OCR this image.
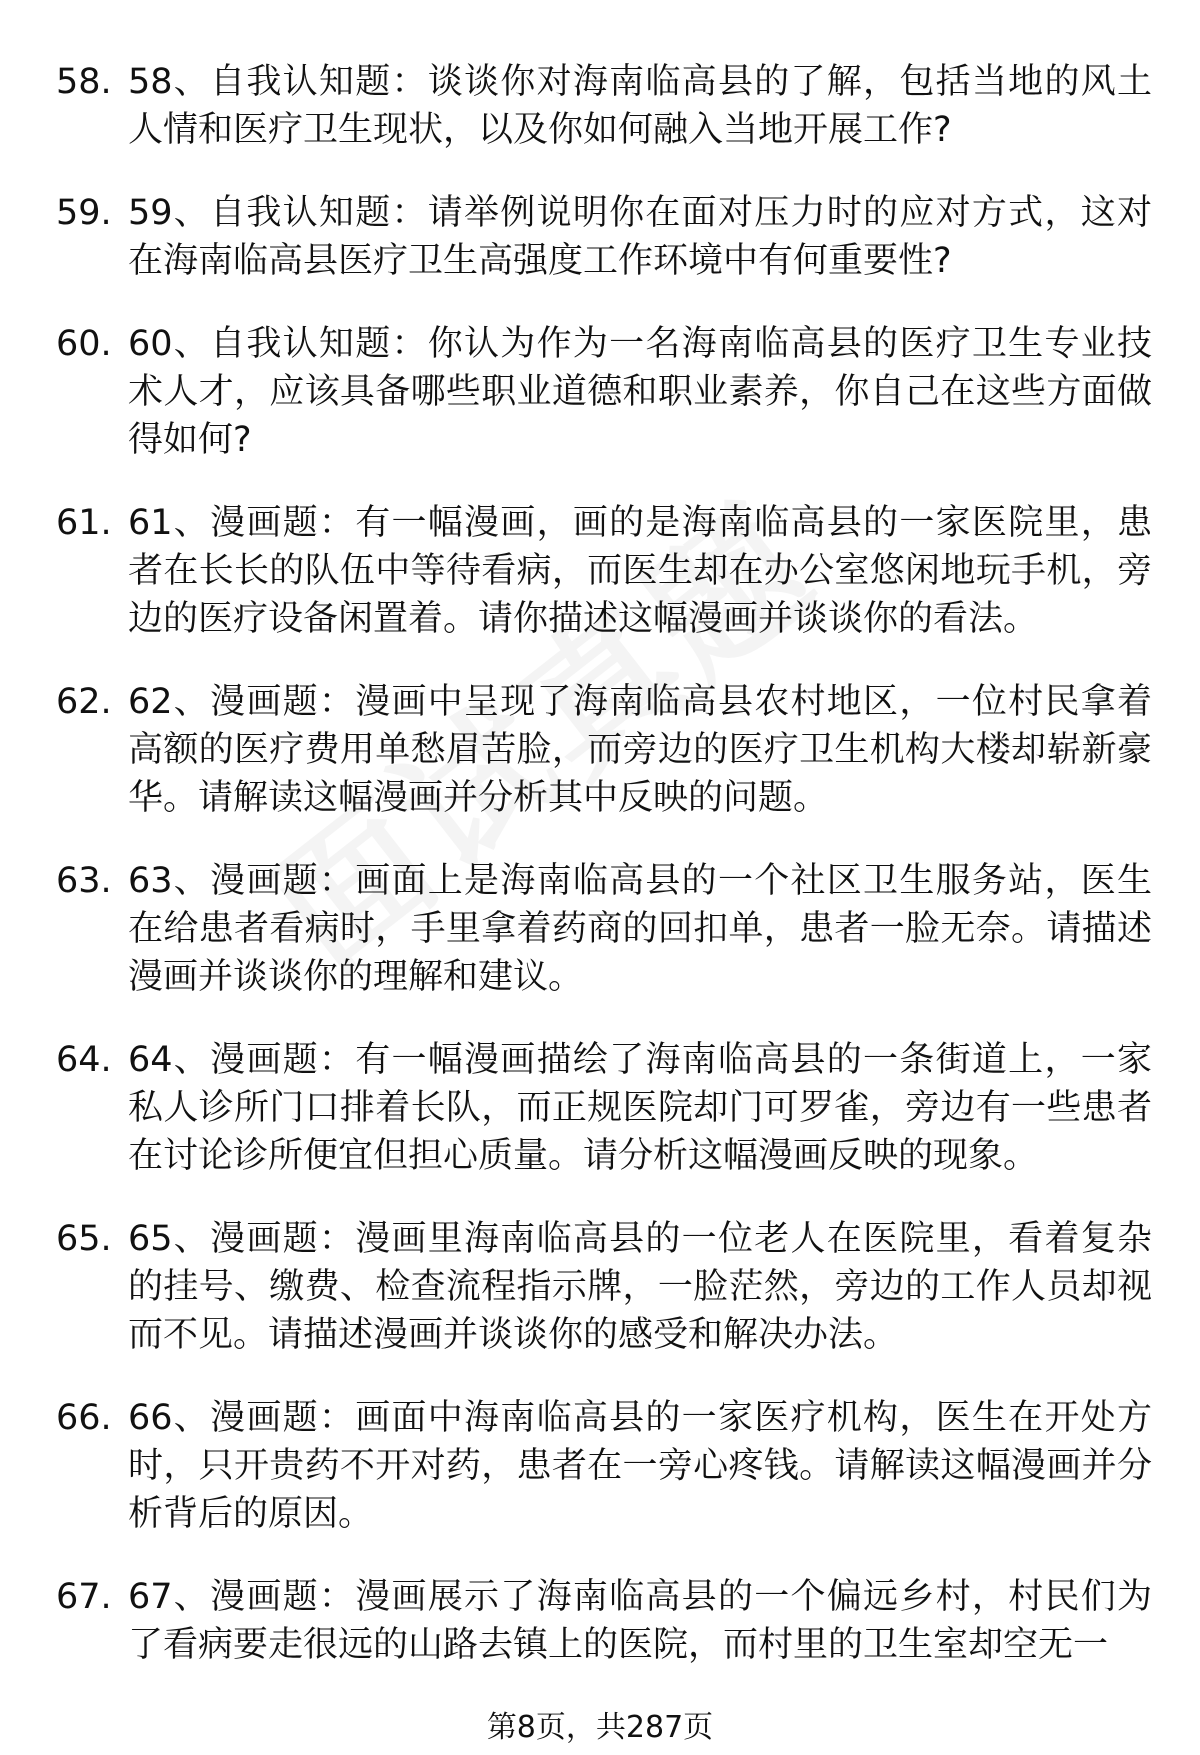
58. 58、自我认知题：谈谈你对海南临高县的了解，包括当地的风土人情和医疗卫生现状，以及你如何融入当地开展工作?
59. 59、自我认知题：请举例说明你在面对压力时的应对方式，这对在海南临高县医疗卫生高强度工作环境中有何重要性?
60. 60、自我认知题：你认为作为一名海南临高县的医疗卫生专业技术人才，应该具备哪些职业道德和职业素养，你自己在这些方面做得如何?
61. 61、漫画题：有一幅漫画，画的是海南临高县的一家医院里，患者在长长的队伍中等待看病，而医生却在办公室悠闲地玩手机，旁边的医疗设备闲置着。请你描述这幅漫画并谈谈你的看法。
62. 62、漫画题：漫画中呈现了海南临高县农村地区，一位村民拿着高额的医疗费用单愁眉苦脸，而旁边的医疗卫生机构大楼却崭新豪华。请解读这幅漫画并分析其中反映的问题。
63. 63、漫画题：画面上是海南临高县的一个社区卫生服务站，医生在给患者看病时，手里拿着药商的回扣单，患者一脸无奈。请描述漫画并谈谈你的理解和建议。
64. 64、漫画题：有一幅漫画描绘了海南临高县的一条街道上，一家私人诊所门口排着长队，而正规医院却门可罗雀，旁边有一些患者在讨论诊所便宜但担心质量。请分析这幅漫画反映的现象。
65. 65、漫画题：漫画里海南临高县的一位老人在医院里，看着复杂的挂号、缴费、检查流程指示牌，一脸茫然，旁边的工作人员却视而不见。请描述漫画并谈谈你的感受和解决办法。
66. 66、漫画题：画面中海南临高县的一家医疗机构，医生在开处方时，只开贵药不开对药，患者在一旁心疼钱。请解读这幅漫画并分析背后的原因。
67. 67、漫画题：漫画展示了海南临高县的一个偏远乡村，村民们为了看病要走很远的山路去镇上的医院，而村里的卫生室却空无一
第8页，共287页
